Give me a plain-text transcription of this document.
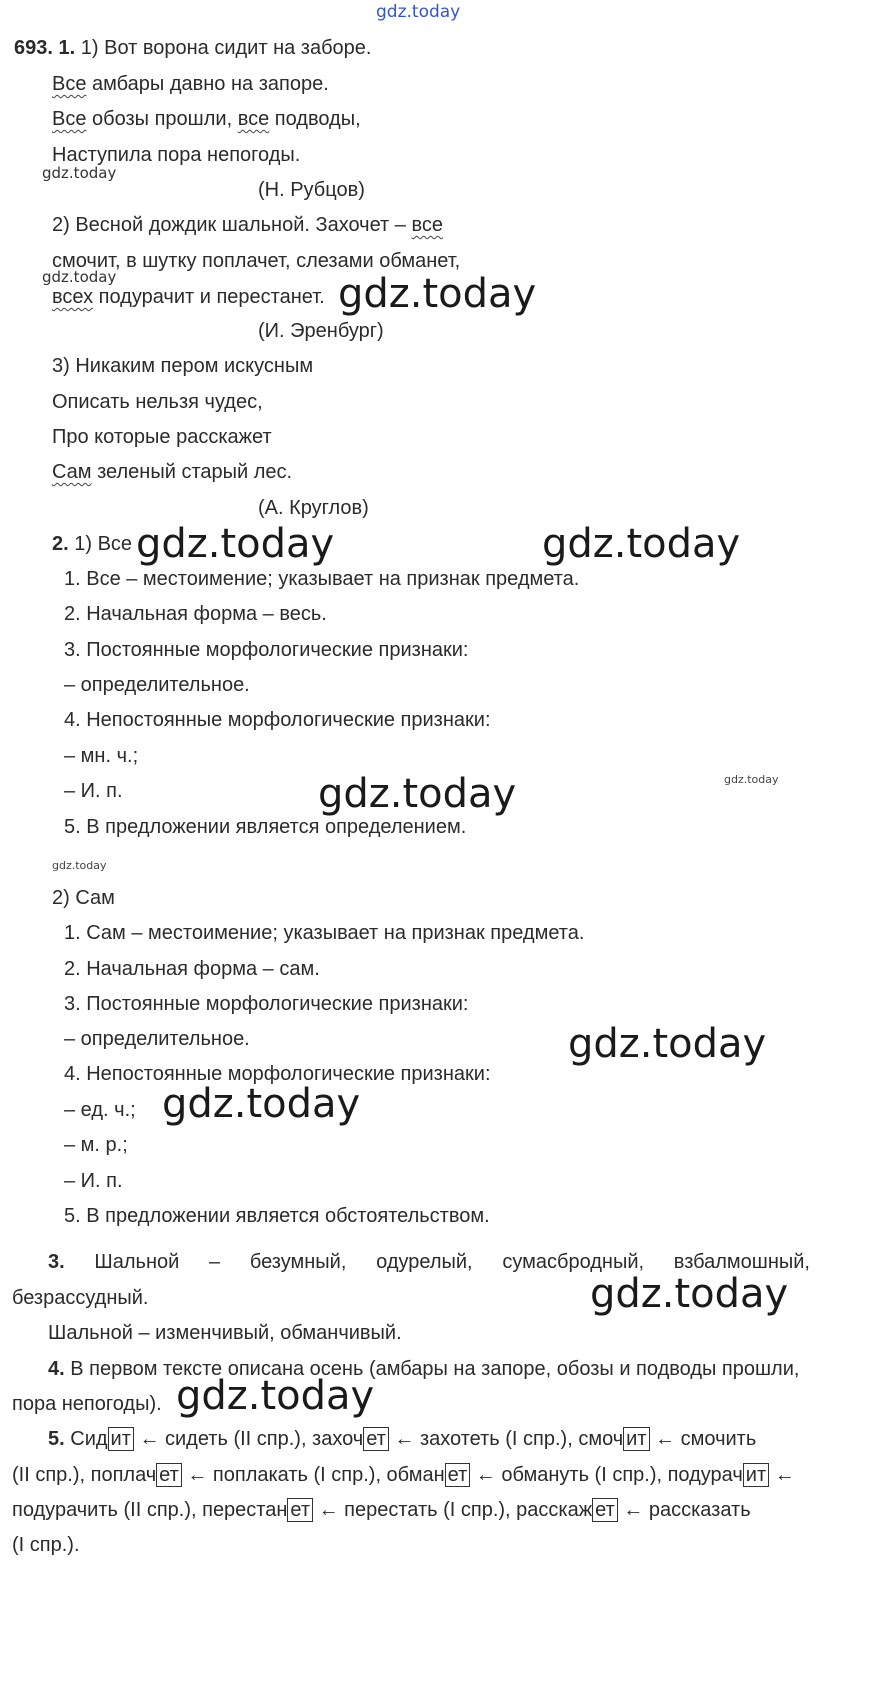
gdz.today
gdz.today
gdz.today	gdz.today
gdz.today	gdz.today
gdz.today
gdz.today
gdz.today
gdz.today
gdz.today
gdz.today
gdz.today
693. 1. 1) Вот ворона сидит на заборе.
Все амбары давно на запоре.
Все обозы прошли, все подводы,
Наступила пора непогоды.
(Н. Рубцов)
2) Весной дождик шальной. Захочет – все
смочит, в шутку поплачет, слезами обманет,
всех подурачит и перестанет.
(И. Эренбург)
3) Никаким пером искусным
Описать нельзя чудес,
Про которые расскажет
Сам зеленый старый лес.
(А. Круглов)
2. 1) Все
1. Все – местоимение; указывает на признак предмета.
2. Начальная форма – весь.
3. Постоянные морфологические признаки:
– определительное.
4. Непостоянные морфологические признаки:
– мн. ч.;
– И. п.
5. В предложении является определением.
2) Сам
1. Сам – местоимение; указывает на признак предмета.
2. Начальная форма – сам.
3. Постоянные морфологические признаки:
– определительное.
4. Непостоянные морфологические признаки:
– ед. ч.;
– м. р.;
– И. п.
5. В предложении является обстоятельством.
3. Шальной – безумный, одурелый, сумасбродный, взбалмошный,
безрассудный.
Шальной – изменчивый, обманчивый.
4. В первом тексте описана осень (амбары на запоре, обозы и подводы прошли,
пора непогоды).
5. Сид ит ← сидеть (II спр.), захоч ет ← захотеть (I спр.), смоч ит ← смочить
(II спр.), поплач ет ← поплакать (I спр.), обман ет ← обмануть (I спр.), подурач ит ←
подурачить (II спр.), перестан ет ← перестать (I спр.), расскаж ет ← рассказать
(I спр.).
